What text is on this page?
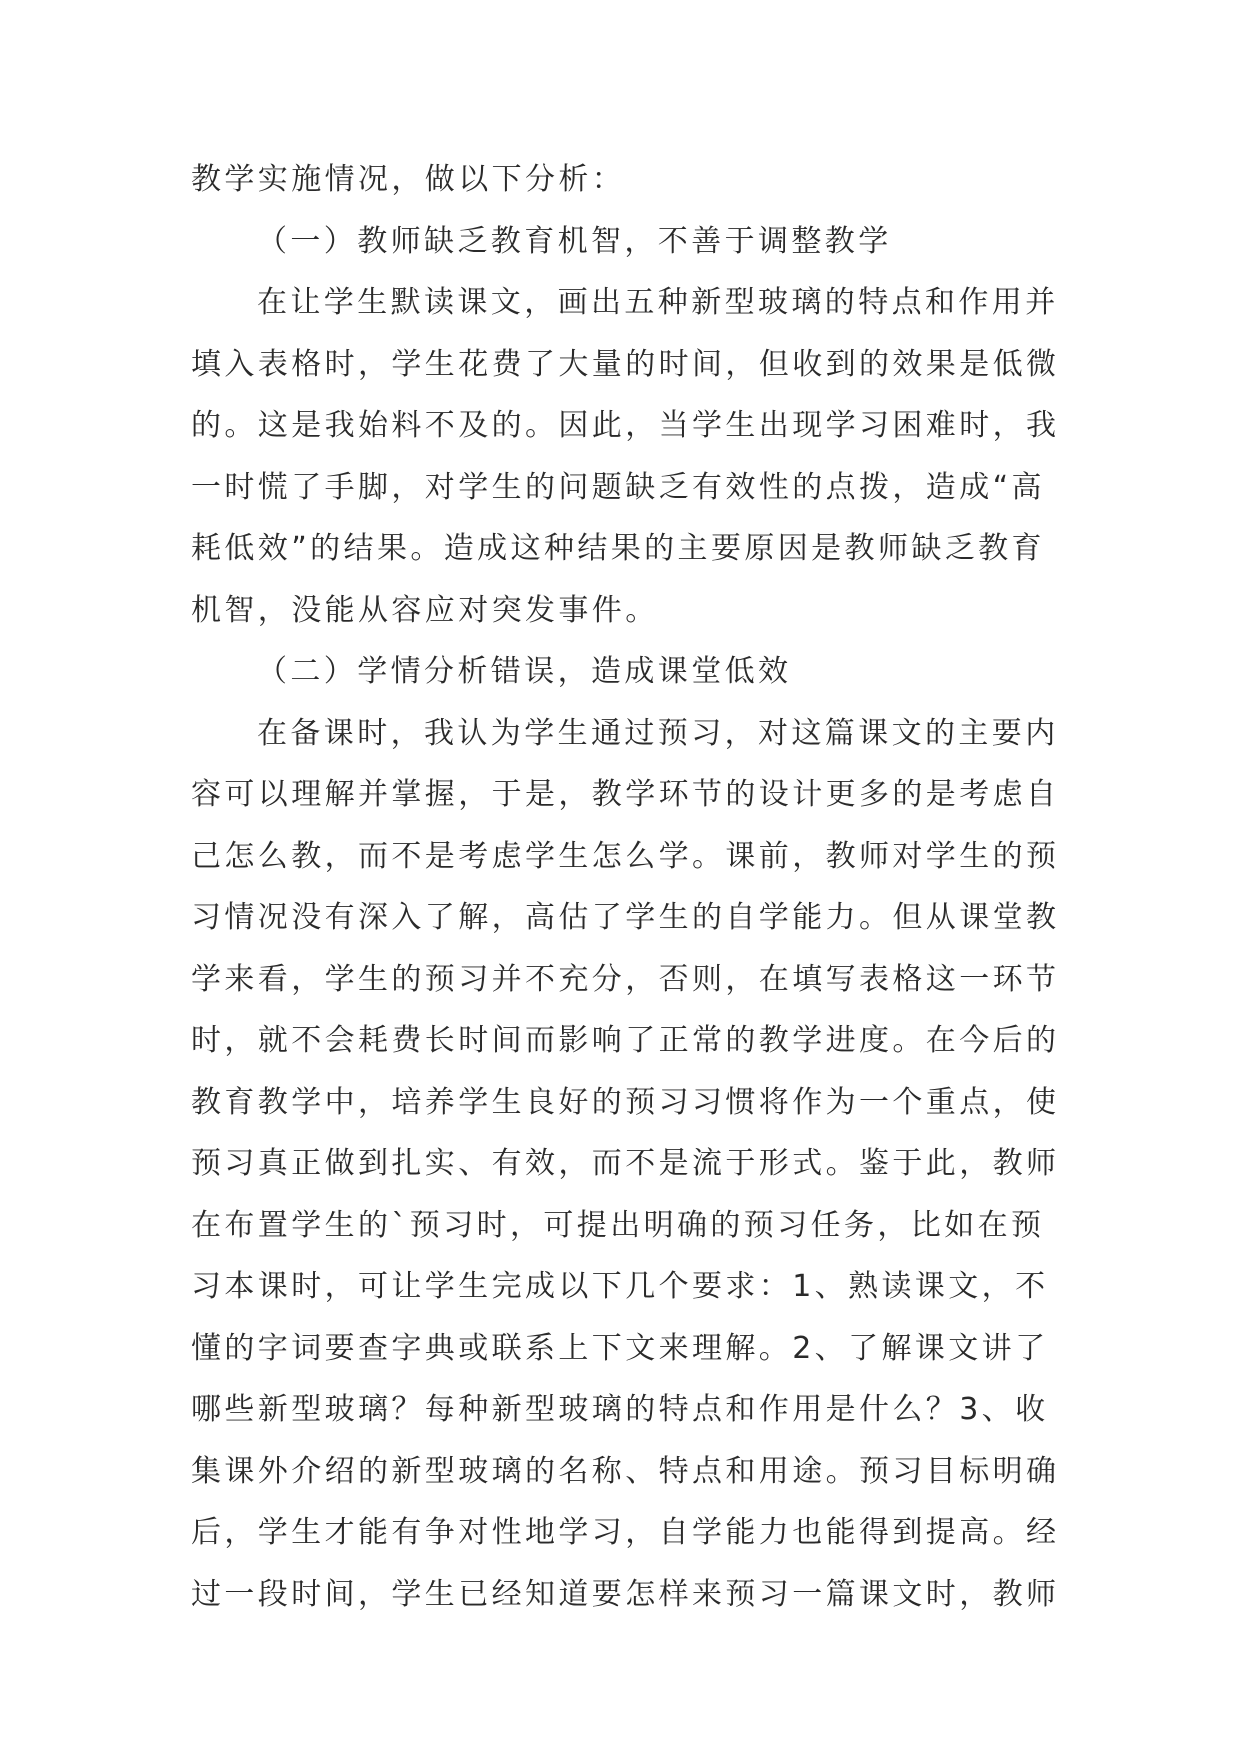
教学实施情况，做以下分析：
（一）教师缺乏教育机智，不善于调整教学
在让学生默读课文，画出五种新型玻璃的特点和作用并
填入表格时，学生花费了大量的时间，但收到的效果是低微
的。这是我始料不及的。因此，当学生出现学习困难时，我
一时慌了手脚，对学生的问题缺乏有效性的点拨，造成“高
耗低效”的结果。造成这种结果的主要原因是教师缺乏教育
机智，没能从容应对突发事件。
（二）学情分析错误，造成课堂低效
在备课时，我认为学生通过预习，对这篇课文的主要内
容可以理解并掌握，于是，教学环节的设计更多的是考虑自
己怎么教，而不是考虑学生怎么学。课前，教师对学生的预
习情况没有深入了解，高估了学生的自学能力。但从课堂教
学来看，学生的预习并不充分，否则，在填写表格这一环节
时，就不会耗费长时间而影响了正常的教学进度。在今后的
教育教学中，培养学生良好的预习习惯将作为一个重点，使
预习真正做到扎实、有效，而不是流于形式。鉴于此，教师
在布置学生的`预习时，可提出明确的预习任务，比如在预
习本课时，可让学生完成以下几个要求：1、熟读课文，不
懂的字词要查字典或联系上下文来理解。2、了解课文讲了
哪些新型玻璃？每种新型玻璃的特点和作用是什么？3、收
集课外介绍的新型玻璃的名称、特点和用途。预习目标明确
后，学生才能有争对性地学习，自学能力也能得到提高。经
过一段时间，学生已经知道要怎样来预习一篇课文时，教师
